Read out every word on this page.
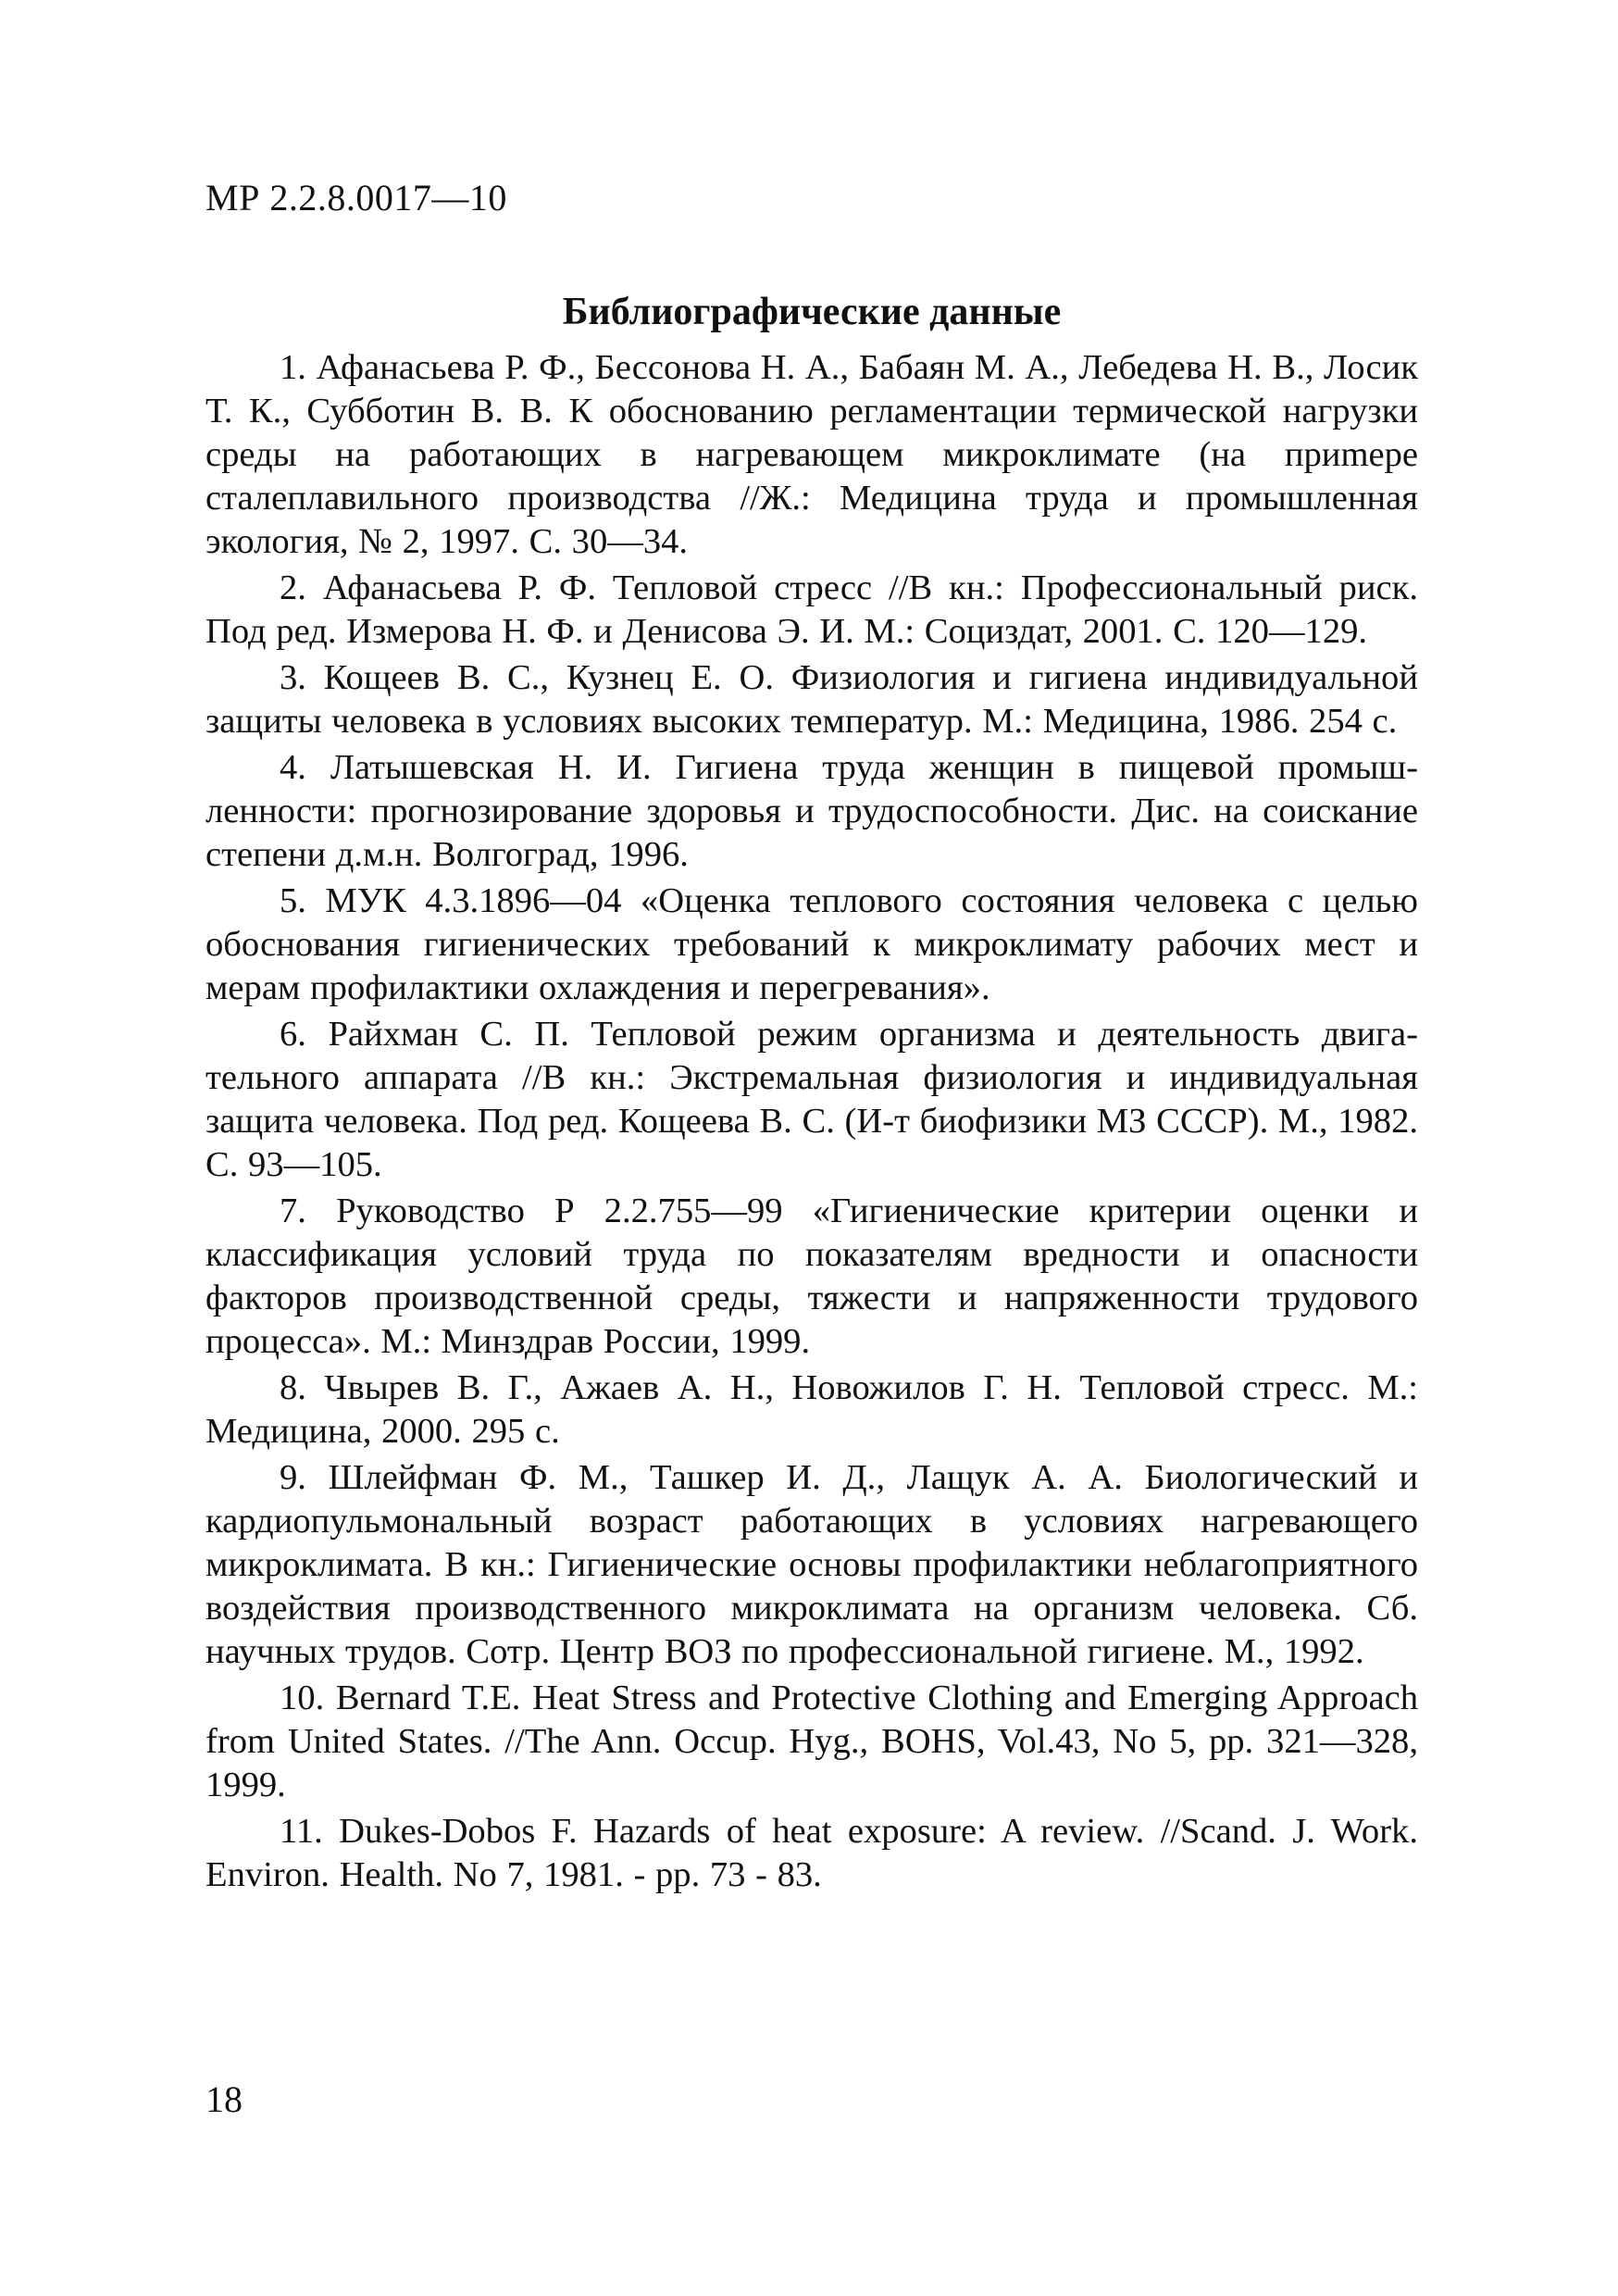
МР 2.2.8.0017—10
Библиографические данные
1. Афанасьева Р. Ф., Бессонова Н. А., Бабаян М. А., Лебедева Н. В., Лосик Т. К., Субботин В. В. К обоснованию регламентации термической нагрузки среды на работающих в нагревающем микроклимате (на приmере сталеплавильного производства //Ж.: Медицина труда и промышленная экология, № 2, 1997. С. 30—34.
2. Афанасьева Р. Ф. Тепловой стресс //В кн.: Профессиональный риск. Под ред. Измерова Н. Ф. и Денисова Э. И. М.: Социздат, 2001. С. 120—129.
3. Кощеев В. С., Кузнец Е. О. Физиология и гигиена индивидуальной защиты человека в условиях высоких температур. М.: Медицина, 1986. 254 с.
4. Латышевская Н. И. Гигиена труда женщин в пищевой промышленности: прогнозирование здоровья и трудоспособности. Дис. на соискание степени д.м.н. Волгоград, 1996.
5. МУК 4.3.1896—04 «Оценка теплового состояния человека с целью обоснования гигиенических требований к микроклимату рабочих мест и мерам профилактики охлаждения и перегревания».
6. Райхман С. П. Тепловой режим организма и деятельность двигательного аппарата //В кн.: Экстремальная физиология и индивидуальная защита человека. Под ред. Кощеева В. С. (И-т биофизики МЗ СССР). М., 1982. С. 93—105.
7. Руководство Р 2.2.755—99 «Гигиенические критерии оценки и классификация условий труда по показателям вредности и опасности факторов производственной среды, тяжести и напряженности трудового процесса». М.: Минздрав России, 1999.
8. Чвырев В. Г., Ажаев А. Н., Новожилов Г. Н. Тепловой стресс. М.: Медицина, 2000. 295 с.
9. Шлейфман Ф. М., Ташкер И. Д., Лащук А. А. Биологический и кардиопульмональный возраст работающих в условиях нагревающего микроклимата. В кн.: Гигиенические основы профилактики неблагоприятного воздействия производственного микроклимата на организм человека. Сб. научных трудов. Сотр. Центр ВОЗ по профессиональной гигиене. М., 1992.
10. Bernard T.E. Heat Stress and Protective Clothing and Emerging Approach from United States. //The Ann. Occup. Hyg., BOHS, Vol.43, No 5, pp. 321—328, 1999.
11. Dukes-Dobos F. Hazards of heat exposure: A review. //Scand. J. Work. Environ. Health. No 7, 1981. - pp. 73 - 83.
18
